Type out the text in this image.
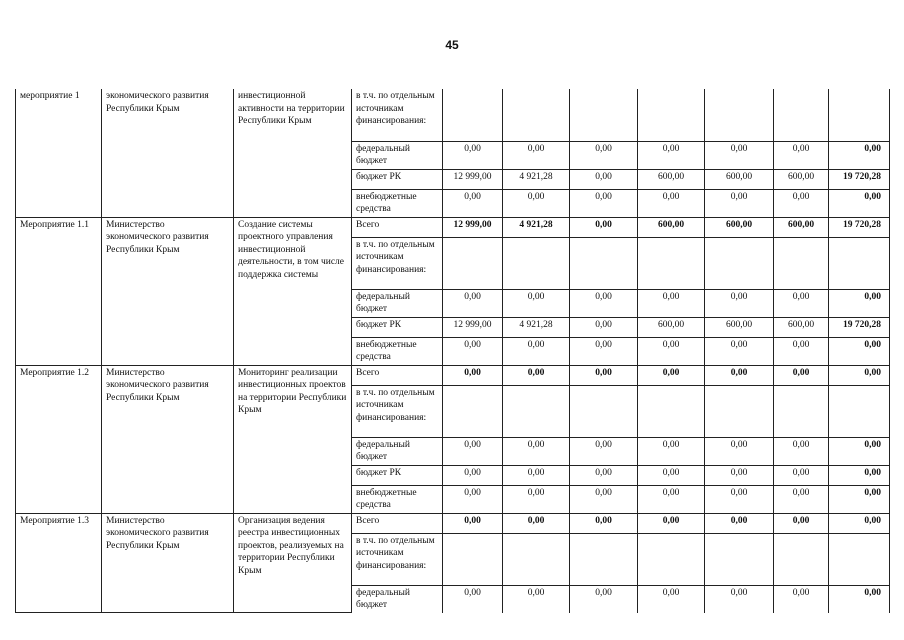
45
мероприятие 1	экономического развития Республики Крым	инвестиционной активности на территории Республики Крым	в т.ч. по отдельным источникам финансирования:							
			федеральный бюджет	0,00	0,00	0,00	0,00	0,00	0,00	0,00
			бюджет РК	12 999,00	4 921,28	0,00	600,00	600,00	600,00	19 720,28
			внебюджетные средства	0,00	0,00	0,00	0,00	0,00	0,00	0,00
Мероприятие 1.1	Министерство экономического развития Республики Крым	Создание системы проектного управления инвестиционной деятельности, в том числе поддержка системы	Всего	12 999,00	4 921,28	0,00	600,00	600,00	600,00	19 720,28
			в т.ч. по отдельным источникам финансирования:							
			федеральный бюджет	0,00	0,00	0,00	0,00	0,00	0,00	0,00
			бюджет РК	12 999,00	4 921,28	0,00	600,00	600,00	600,00	19 720,28
			внебюджетные средства	0,00	0,00	0,00	0,00	0,00	0,00	0,00
Мероприятие 1.2	Министерство экономического развития Республики Крым	Мониторинг реализации инвестиционных проектов на территории Республики Крым	Всего	0,00	0,00	0,00	0,00	0,00	0,00	0,00
			в т.ч. по отдельным источникам финансирования:							
			федеральный бюджет	0,00	0,00	0,00	0,00	0,00	0,00	0,00
			бюджет РК	0,00	0,00	0,00	0,00	0,00	0,00	0,00
			внебюджетные средства	0,00	0,00	0,00	0,00	0,00	0,00	0,00
Мероприятие 1.3	Министерство экономического развития Республики Крым	Организация ведения реестра инвестиционных проектов, реализуемых на территории Республики Крым	Всего	0,00	0,00	0,00	0,00	0,00	0,00	0,00
			в т.ч. по отдельным источникам финансирования:							
			федеральный бюджет	0,00	0,00	0,00	0,00	0,00	0,00	0,00
